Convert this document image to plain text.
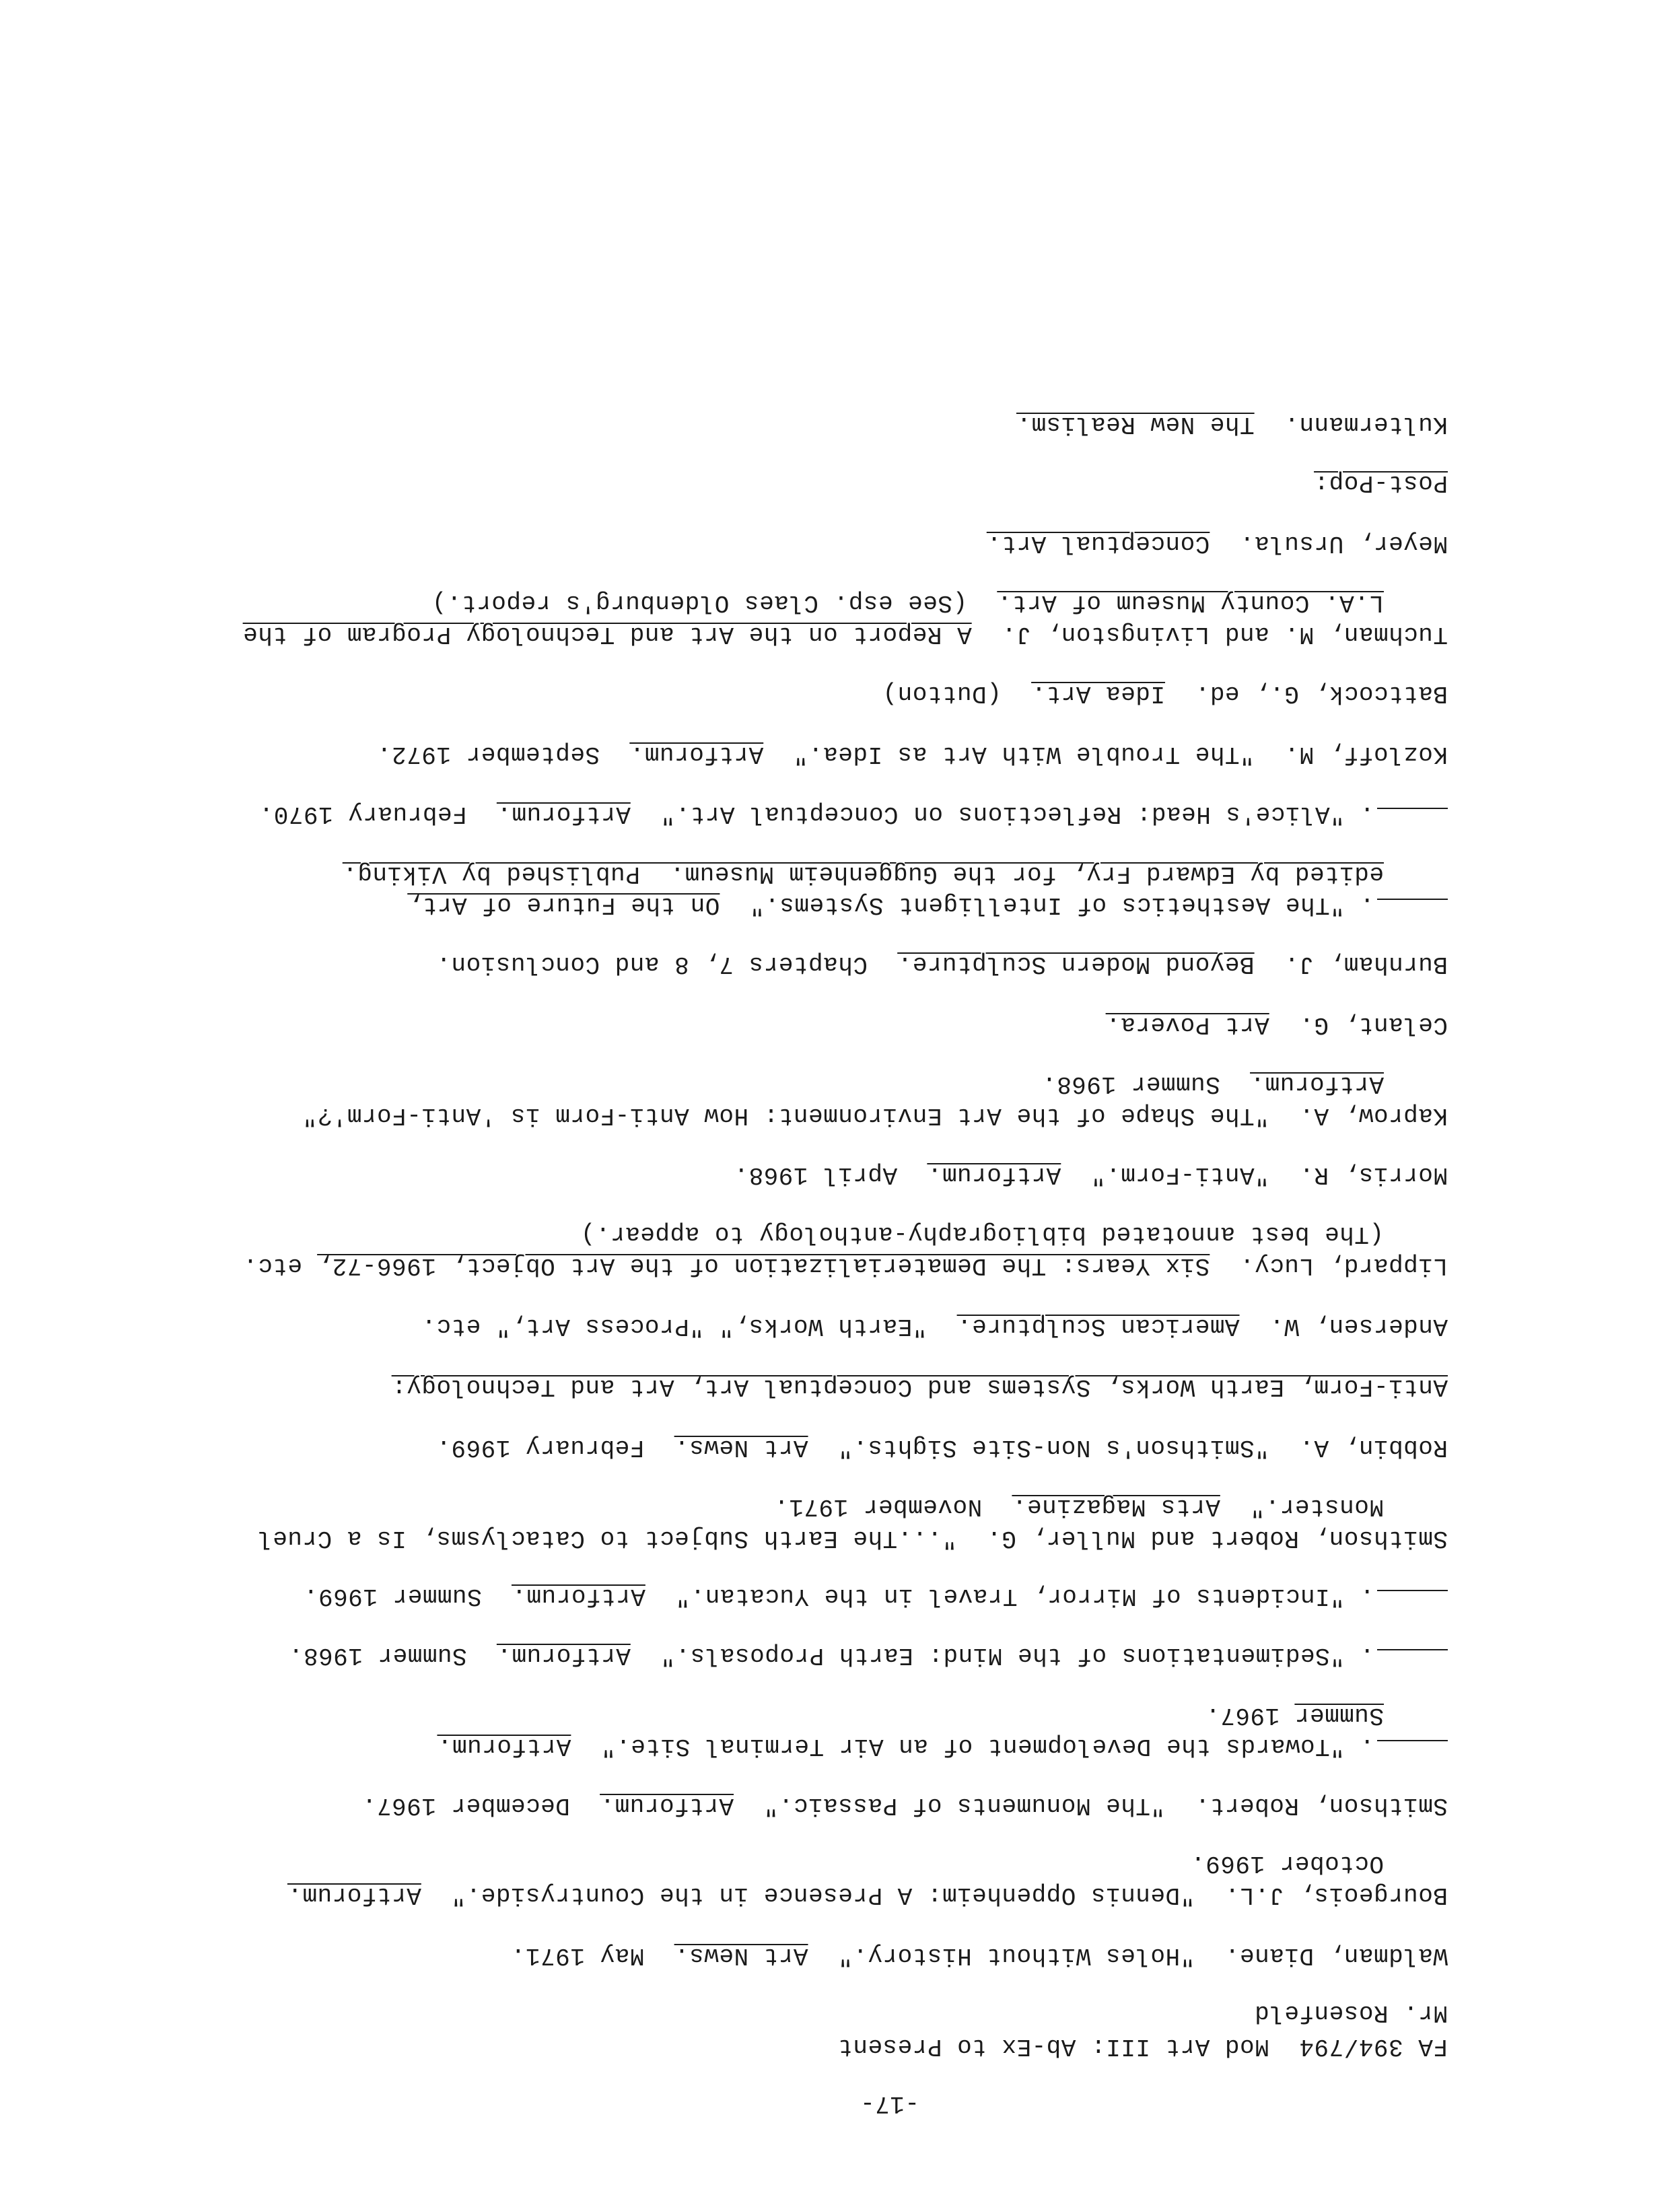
-17-
FA 394/794  Mod Art III: Ab-Ex to Present
Mr. Rosenfeld
Waldman, Diane.  "Holes Without History."  Art News.  May 1971.
Bourgeois, J.L.  "Dennis Oppenheim: A Presence in the Countryside."  Artforum.
October 1969.
Smithson, Robert.  "The Monuments of Passaic."  Artforum.  December 1967.
. "Towards the Development of an Air Terminal Site."  Artforum.
Summer 1967.
. "Sedimentations of the Mind: Earth Proposals."  Artforum.  Summer 1968.
. "Incidents of Mirror, Travel in the Yucatan."  Artforum.  Summer 1969.
Smithson, Robert and Muller, G.  "...The Earth Subject to Cataclysms, Is a Cruel
Monster."  Arts Magazine.  November 1971.
Robbin, A.  "Smithson's Non-Site Sights."  Art News.  February 1969.
Anti-Form, Earth Works, Systems and Conceptual Art, Art and Technology:
Andersen, W.  American Sculpture.  "Earth Works," "Process Art," etc.
Lippard, Lucy.  Six Years: The Dematerialization of the Art Object, 1966-72, etc.
(The best annotated bibliography-anthology to appear.)
Morris, R.  "Anti-Form."  Artforum.  April 1968.
Kaprow, A.  "The Shape of the Art Environment: How Anti-Form is 'Anti-Form'?"
Artforum.  Summer 1968.
Celant, G.  Art Povera.
Burnham, J.  Beyond Modern Sculpture.  Chapters 7, 8 and Conclusion.
. "The Aesthetics of Intelligent Systems."  On the Future of Art,
edited by Edward Fry, for the Guggenheim Museum.  Published by Viking.
. "Alice's Head: Reflections on Conceptual Art."  Artforum.  February 1970.
Kozloff, M.  "The Trouble With Art as Idea."  Artforum.  September 1972.
Battcock, G., ed.  Idea Art.  (Dutton)
Tuchman, M. and Livingston, J.  A Report on the Art and Technology Program of the
L.A. County Museum of Art.  (See esp. Claes Oldenburg's report.)
Meyer, Ursula.  Conceptual Art.
Post-Pop:
Kultermann.  The New Realism.
